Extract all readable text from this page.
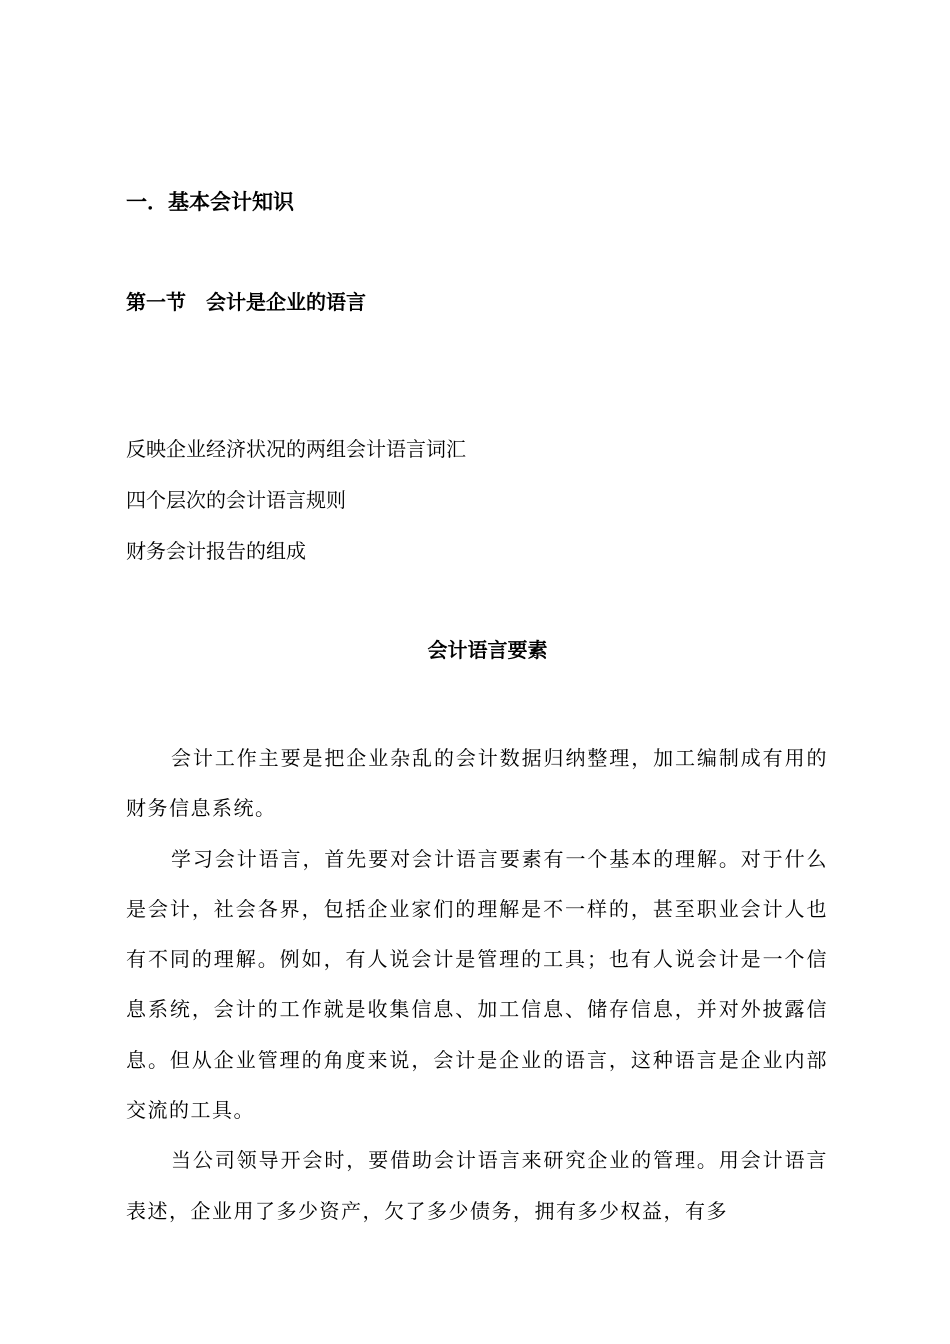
一．基本会计知识
第一节　会计是企业的语言
反映企业经济状况的两组会计语言词汇
四个层次的会计语言规则
财务会计报告的组成
会计语言要素

会计工作主要是把企业杂乱的会计数据归纳整理，加工编制成有用的财务信息系统。

学习会计语言，首先要对会计语言要素有一个基本的理解。对于什么是会计，社会各界，包括企业家们的理解是不一样的，甚至职业会计人也有不同的理解。例如，有人说会计是管理的工具；也有人说会计是一个信息系统，会计的工作就是收集信息、加工信息、储存信息，并对外披露信息。但从企业管理的角度来说，会计是企业的语言，这种语言是企业内部交流的工具。

当公司领导开会时，要借助会计语言来研究企业的管理。用会计语言表述，企业用了多少资产，欠了多少债务，拥有多少权益，有多
